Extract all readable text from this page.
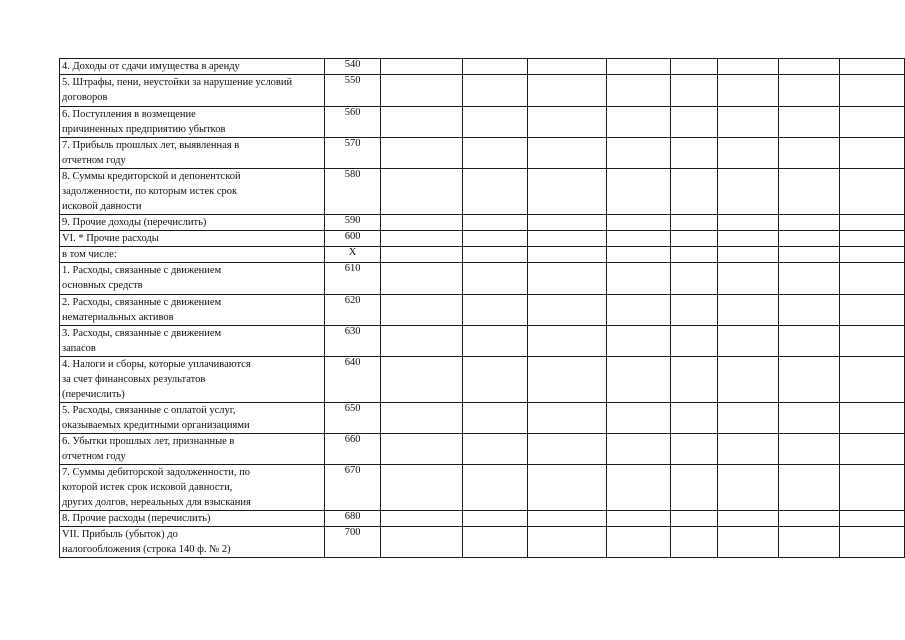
4. Доходы от сдачи имущества в аренду	540								

5. Штрафы, пени, неустойки за нарушение условий
договоров	550								

6. Поступления в возмещение
причиненных предприятию убытков	560								

7. Прибыль прошлых лет, выявленная в
отчетном году	570								

8. Суммы кредиторской и депонентской
задолженности, по которым истек срок
исковой давности	580								

9. Прочие доходы (перечислить)	590								

VI. * Прочие расходы	600								

в том числе:	Х								

1. Расходы, связанные с движением
основных средств	610								

2. Расходы, связанные с движением
нематериальных активов	620								

3. Расходы, связанные с движением
запасов	630								

4. Налоги и сборы, которые уплачиваются
за счет финансовых результатов
(перечислить)	640								

5. Расходы, связанные с оплатой услуг,
оказываемых кредитными организациями	650								

6. Убытки прошлых лет, признанные в
отчетном году	660								

7. Суммы дебиторской задолженности, по
которой истек срок исковой давности,
других долгов, нереальных для взыскания	670								

8. Прочие расходы (перечислить)	680								

VII. Прибыль (убыток) до
налогообложения (строка 140 ф. № 2)	700								
